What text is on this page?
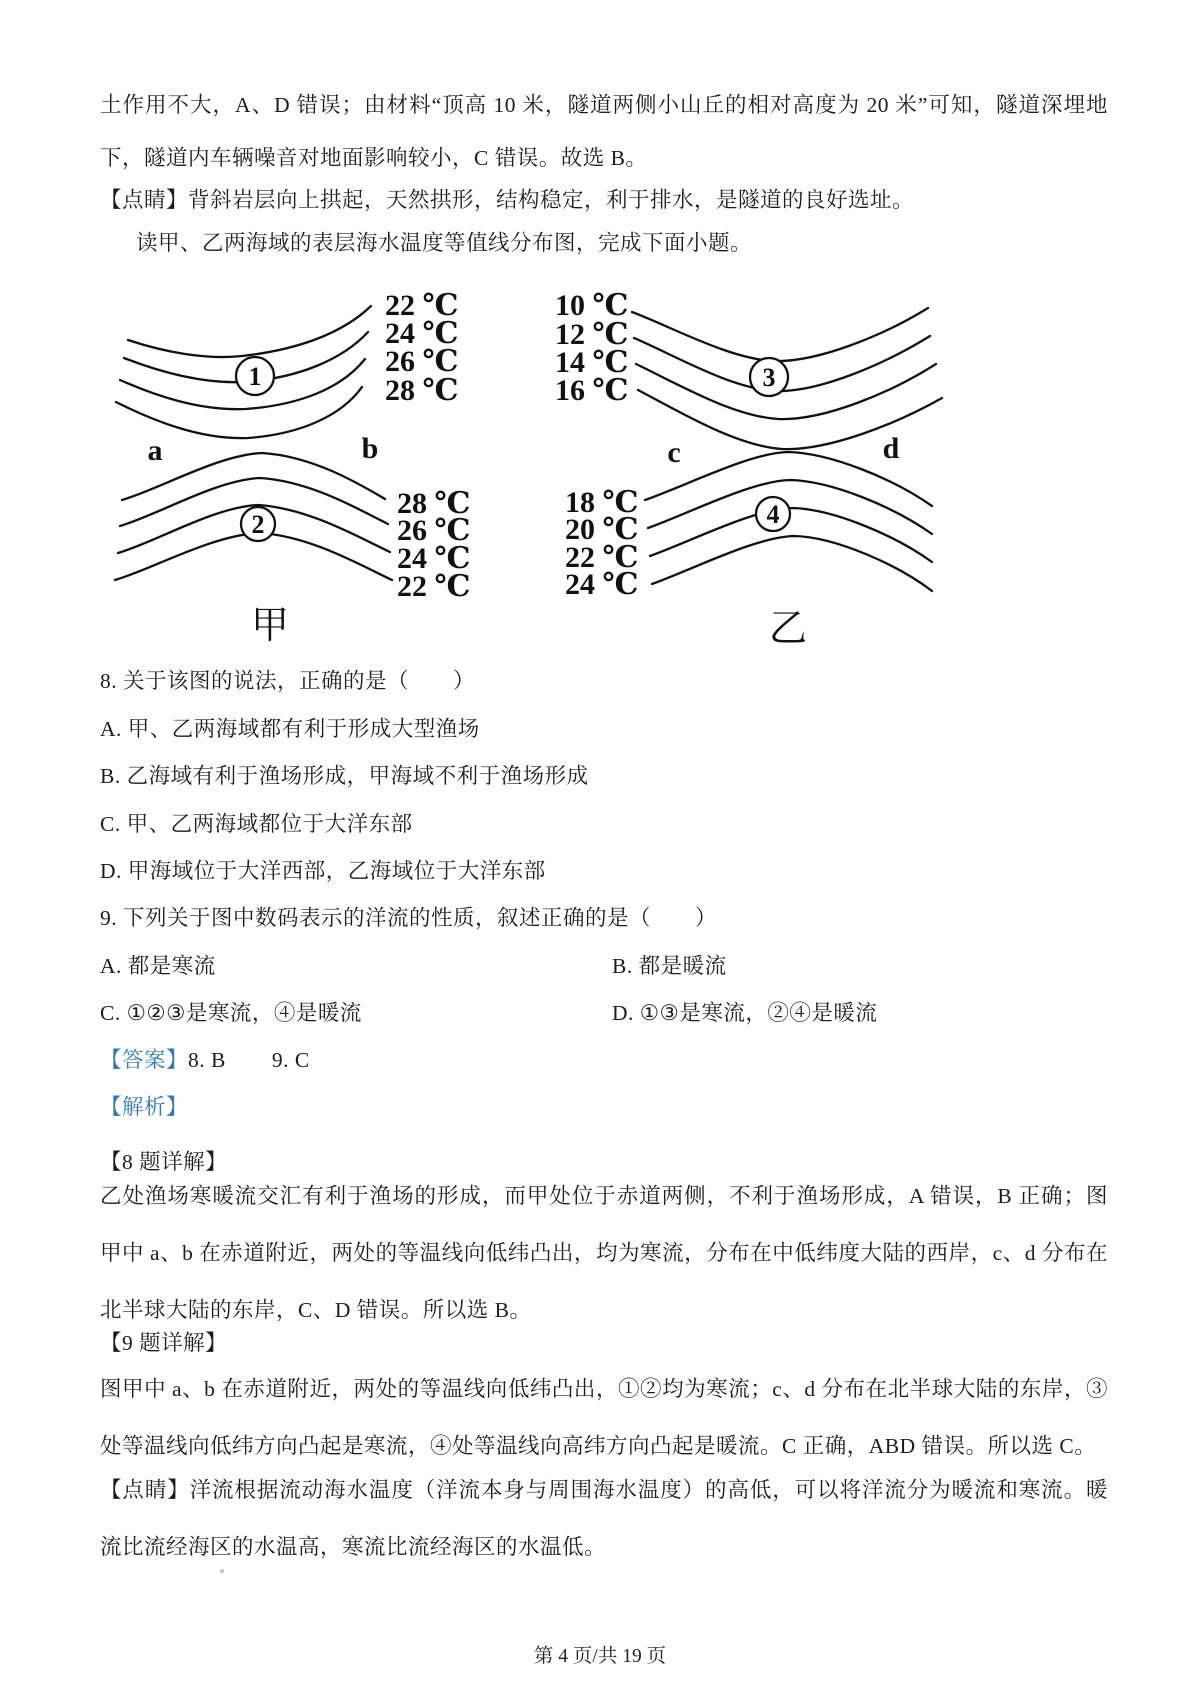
土作用不大，A、D 错误；由材料“顶高 10 米，隧道两侧小山丘的相对高度为 20 米”可知，隧道深埋地下，隧道内车辆噪音对地面影响较小，C 错误。故选 B。
【点睛】背斜岩层向上拱起，天然拱形，结构稳定，利于排水，是隧道的良好选址。
读甲、乙两海域的表层海水温度等值线分布图，完成下面小题。
1
2
3
4
22 ℃
24 ℃
26 ℃
28 ℃
28 ℃
26 ℃
24 ℃
22 ℃
10 ℃
12 ℃
14 ℃
16 ℃
18 ℃
20 ℃
22 ℃
24 ℃
a	b	c	d
甲	乙
8. 关于该图的说法，正确的是（　　）
A. 甲、乙两海域都有利于形成大型渔场
B. 乙海域有利于渔场形成，甲海域不利于渔场形成
C. 甲、乙两海域都位于大洋东部
D. 甲海域位于大洋西部，乙海域位于大洋东部
9. 下列关于图中数码表示的洋流的性质，叙述正确的是（　　）
A. 都是寒流	B. 都是暖流
C. ①②③是寒流，④是暖流	D. ①③是寒流，②④是暖流
【答案】8. B 9. C
【解析】
【8 题详解】
乙处渔场寒暖流交汇有利于渔场的形成，而甲处位于赤道两侧，不利于渔场形成，A 错误，B 正确；图甲中 a、b 在赤道附近，两处的等温线向低纬凸出，均为寒流，分布在中低纬度大陆的西岸，c、d 分布在北半球大陆的东岸，C、D 错误。所以选 B。
【9 题详解】
图甲中 a、b 在赤道附近，两处的等温线向低纬凸出，①②均为寒流；c、d 分布在北半球大陆的东岸，③处等温线向低纬方向凸起是寒流，④处等温线向高纬方向凸起是暖流。C 正确，ABD 错误。所以选 C。
【点睛】洋流根据流动海水温度（洋流本身与周围海水温度）的高低，可以将洋流分为暖流和寒流。暖流比流经海区的水温高，寒流比流经海区的水温低。
第 4 页/共 19 页
